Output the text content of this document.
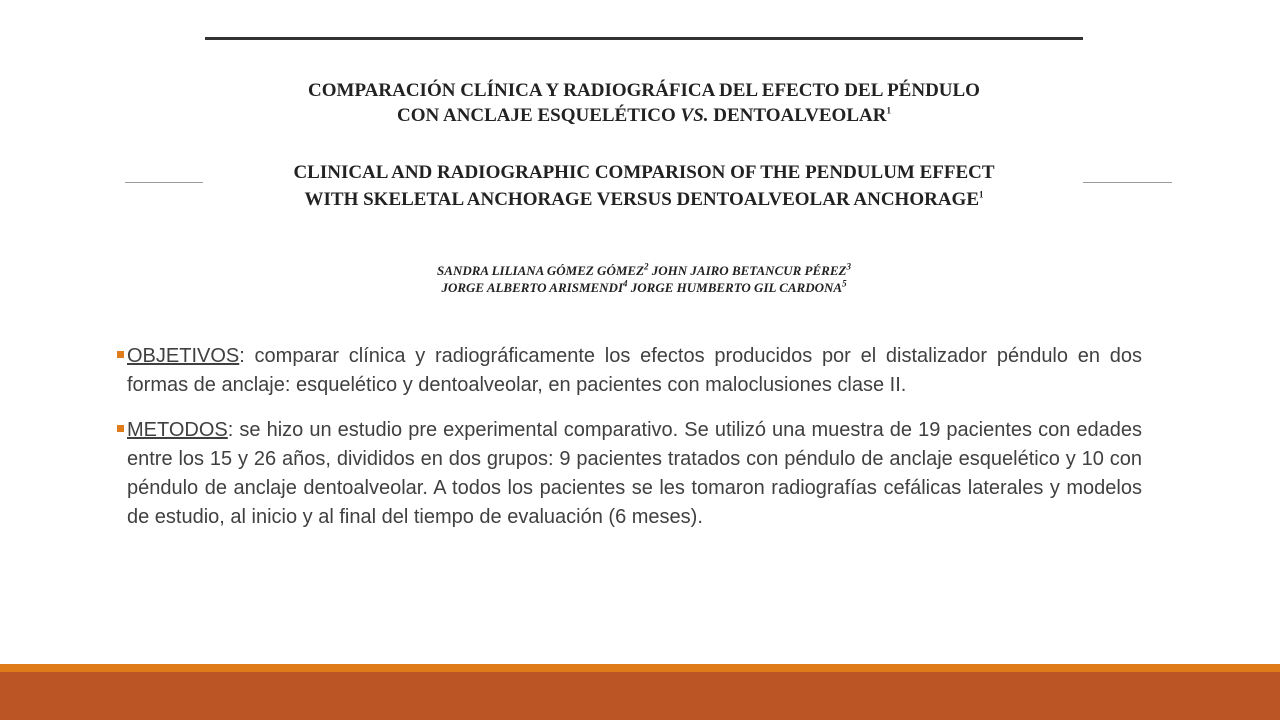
COMPARACIÓN CLÍNICA Y RADIOGRÁFICA DEL EFECTO DEL PÉNDULO
CON ANCLAJE ESQUELÉTICO VS. DENTOALVEOLAR$^1$
CLINICAL AND RADIOGRAPHIC COMPARISON OF THE PENDULUM EFFECT
WITH SKELETAL ANCHORAGE VERSUS DENTOALVEOLAR ANCHORAGE$^1$
SANDRA LILIANA GÓMEZ GÓMEZ$^2$ JOHN JAIRO BETANCUR PÉREZ$^3$
JORGE ALBERTO ARISMENDI$^4$ JORGE HUMBERTO GIL CARDONA$^5$

OBJETIVOS: comparar clínica y radiográficamente los efectos producidos por el distalizador péndulo en dos formas de anclaje: esquelético y dentoalveolar, en pacientes con maloclusiones clase II.

METODOS: se hizo un estudio pre experimental comparativo. Se utilizó una muestra de 19 pacientes con edades entre los 15 y 26 años, divididos en dos grupos: 9 pacientes tratados con péndulo de anclaje esquelético y 10 con péndulo de anclaje dentoalveolar. A todos los pacientes se les tomaron radiografías cefálicas laterales y modelos de estudio, al inicio y al final del tiempo de evaluación (6 meses).
